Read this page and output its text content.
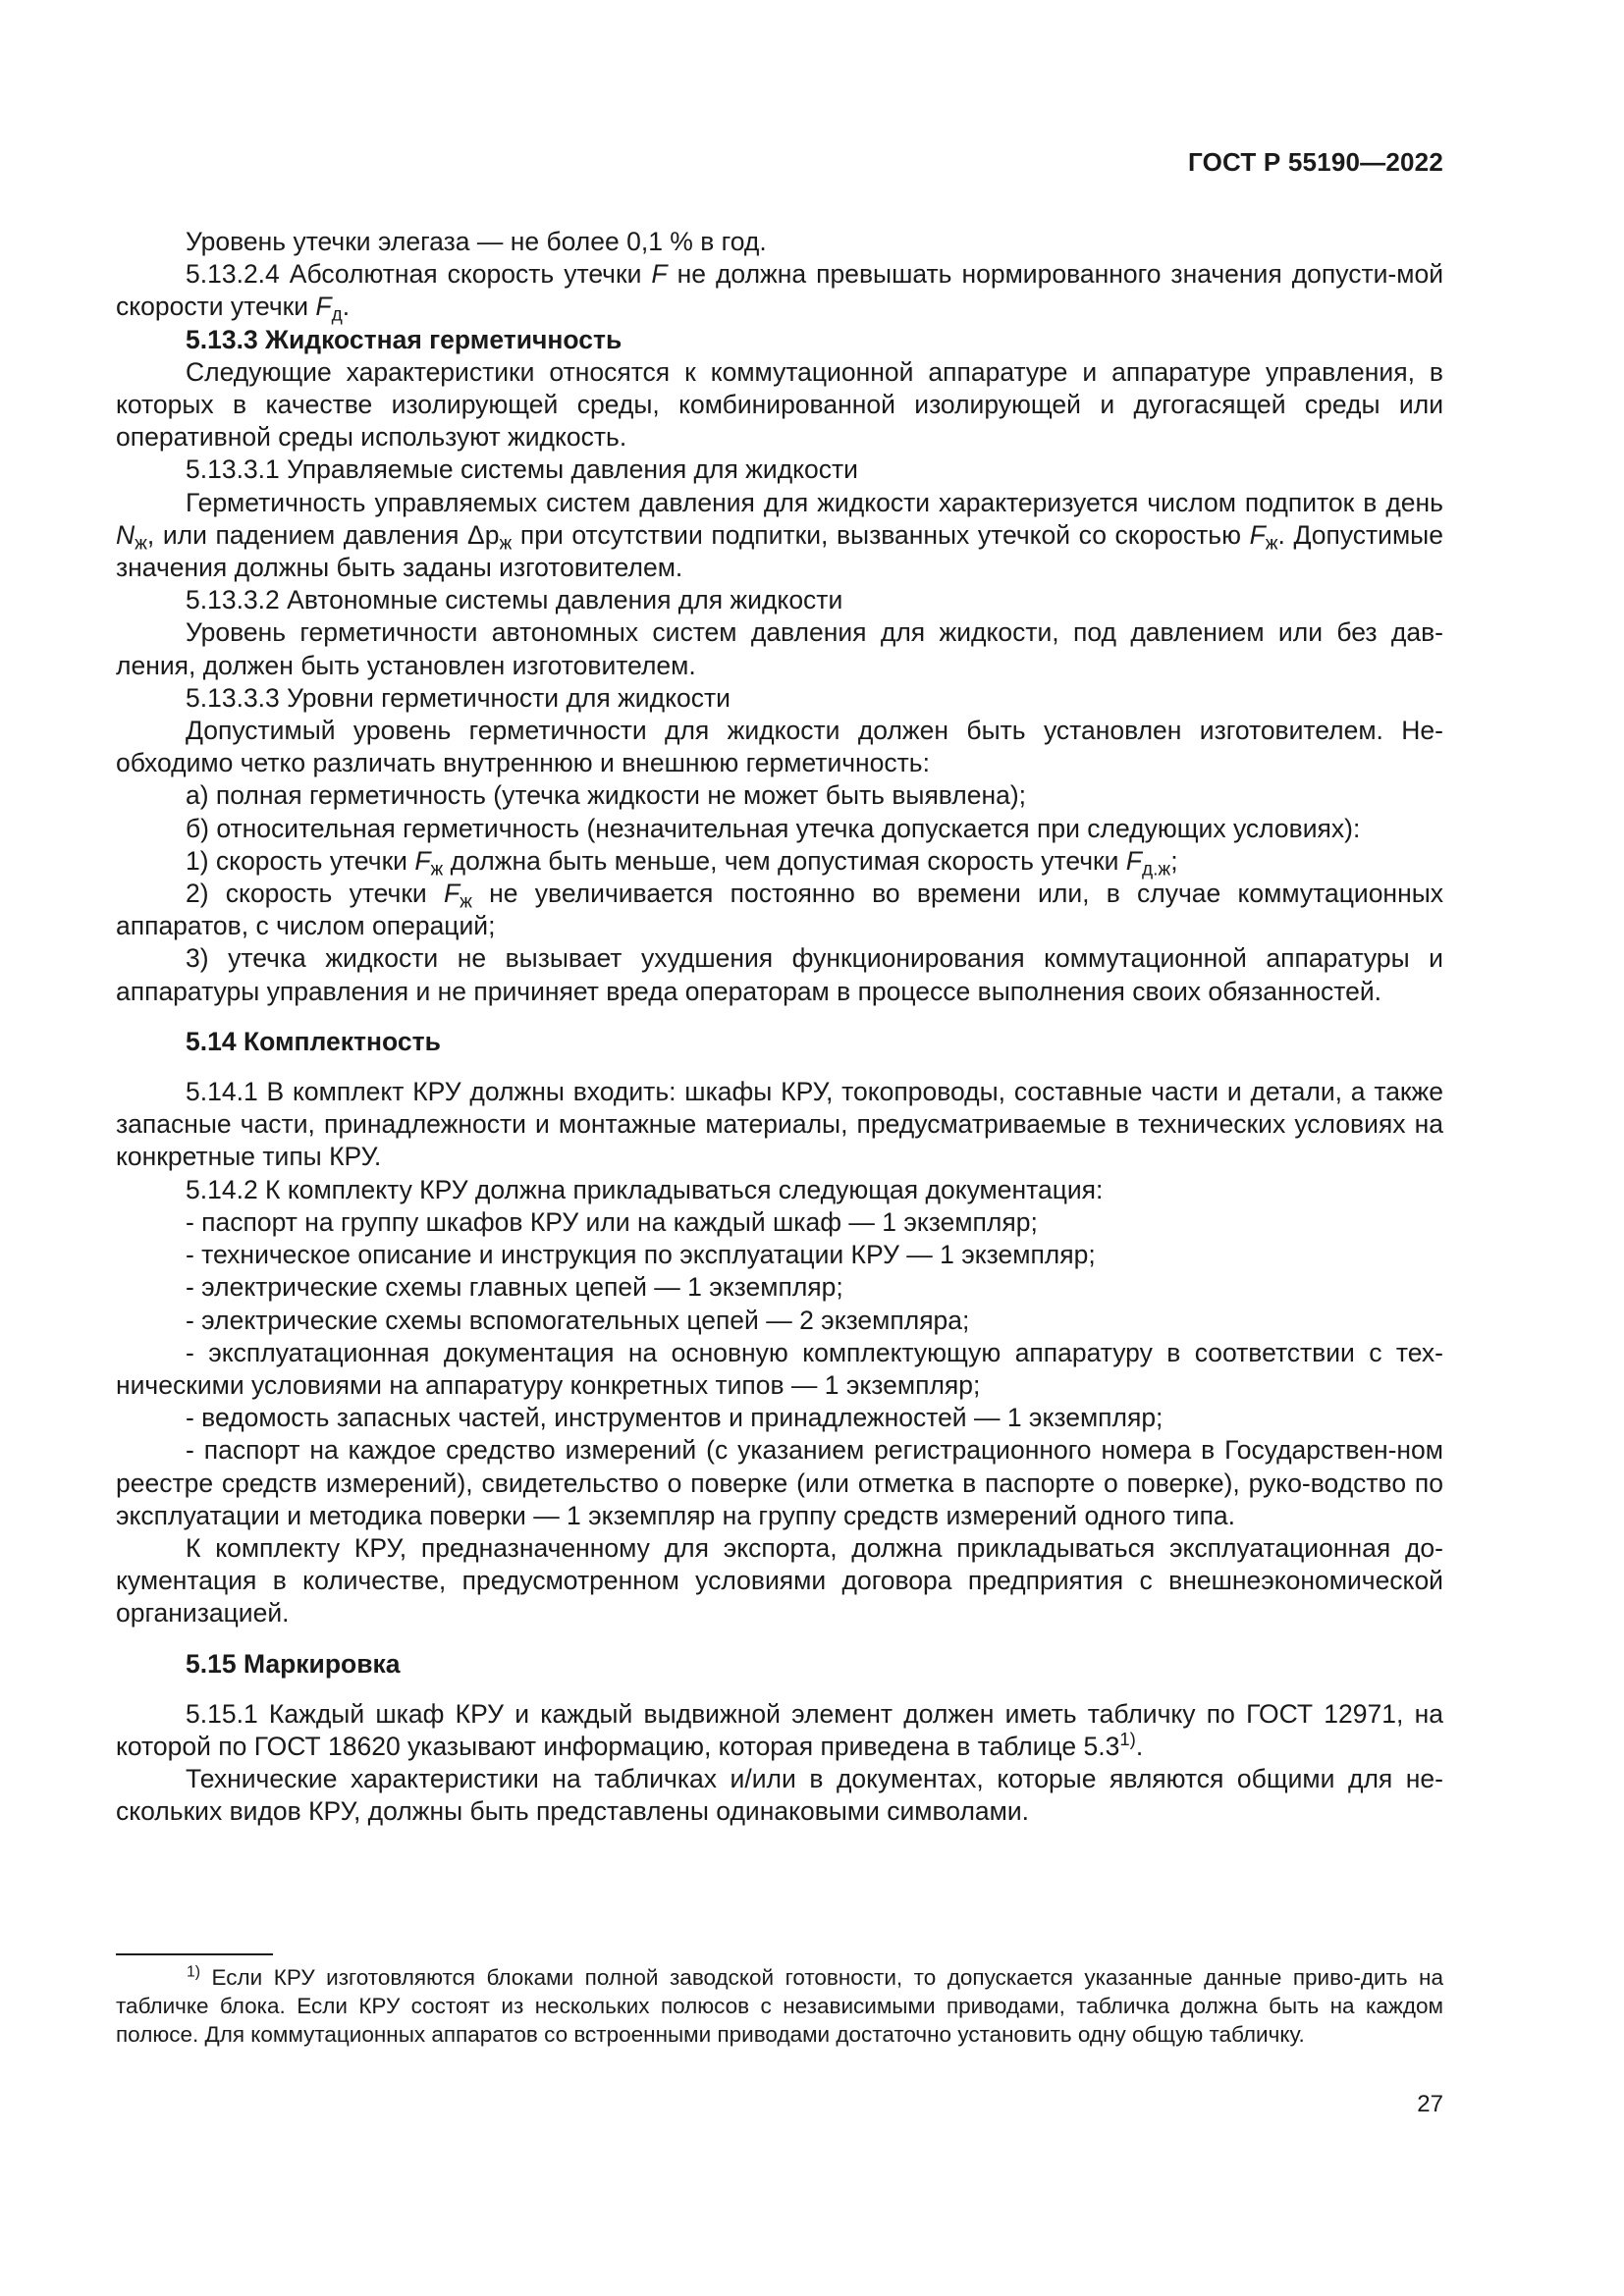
ГОСТ Р 55190—2022

Уровень утечки элегаза — не более 0,1 % в год.

5.13.2.4 Абсолютная скорость утечки F не должна превышать нормированного значения допусти-мой скорости утечки $F_д$.

5.13.3 Жидкостная герметичность

Следующие характеристики относятся к коммутационной аппаратуре и аппаратуре управления, в которых в качестве изолирующей среды, комбинированной изолирующей и дугогасящей среды или оперативной среды используют жидкость.

5.13.3.1 Управляемые системы давления для жидкости

Герметичность управляемых систем давления для жидкости характеризуется числом подпиток в день $N_ж$, или падением давления $\Delta p_ж$ при отсутствии подпитки, вызванных утечкой со скоростью $F_ж$. Допустимые значения должны быть заданы изготовителем.

5.13.3.2 Автономные системы давления для жидкости

Уровень герметичности автономных систем давления для жидкости, под давлением или без дав-ления, должен быть установлен изготовителем.

5.13.3.3 Уровни герметичности для жидкости

Допустимый уровень герметичности для жидкости должен быть установлен изготовителем. Не-обходимо четко различать внутреннюю и внешнюю герметичность:

а) полная герметичность (утечка жидкости не может быть выявлена);

б) относительная герметичность (незначительная утечка допускается при следующих условиях):

1) скорость утечки $F_ж$ должна быть меньше, чем допустимая скорость утечки $F_{д.ж}$;

2) скорость утечки $F_ж$ не увеличивается постоянно во времени или, в случае коммутационных аппаратов, с числом операций;

3) утечка жидкости не вызывает ухудшения функционирования коммутационной аппаратуры и аппаратуры управления и не причиняет вреда операторам в процессе выполнения своих обязанностей.

5.14 Комплектность

5.14.1 В комплект КРУ должны входить: шкафы КРУ, токопроводы, составные части и детали, а также запасные части, принадлежности и монтажные материалы, предусматриваемые в технических условиях на конкретные типы КРУ.

5.14.2 К комплекту КРУ должна прикладываться следующая документация:

- паспорт на группу шкафов КРУ или на каждый шкаф — 1 экземпляр;

- техническое описание и инструкция по эксплуатации КРУ — 1 экземпляр;

- электрические схемы главных цепей — 1 экземпляр;

- электрические схемы вспомогательных цепей — 2 экземпляра;

- эксплуатационная документация на основную комплектующую аппаратуру в соответствии с тех-ническими условиями на аппаратуру конкретных типов — 1 экземпляр;

- ведомость запасных частей, инструментов и принадлежностей — 1 экземпляр;

- паспорт на каждое средство измерений (с указанием регистрационного номера в Государствен-ном реестре средств измерений), свидетельство о поверке (или отметка в паспорте о поверке), руко-водство по эксплуатации и методика поверки — 1 экземпляр на группу средств измерений одного типа.

К комплекту КРУ, предназначенному для экспорта, должна прикладываться эксплуатационная до-кументация в количестве, предусмотренном условиями договора предприятия с внешнеэкономической организацией.

5.15 Маркировка

5.15.1 Каждый шкаф КРУ и каждый выдвижной элемент должен иметь табличку по ГОСТ 12971, на которой по ГОСТ 18620 указывают информацию, которая приведена в таблице 5.3$^{1)}$.

Технические характеристики на табличках и/или в документах, которые являются общими для не-скольких видов КРУ, должны быть представлены одинаковыми символами.

$^{1)}$ Если КРУ изготовляются блоками полной заводской готовности, то допускается указанные данные приво-дить на табличке блока. Если КРУ состоят из нескольких полюсов с независимыми приводами, табличка должна быть на каждом полюсе. Для коммутационных аппаратов со встроенными приводами достаточно установить одну общую табличку.

27
